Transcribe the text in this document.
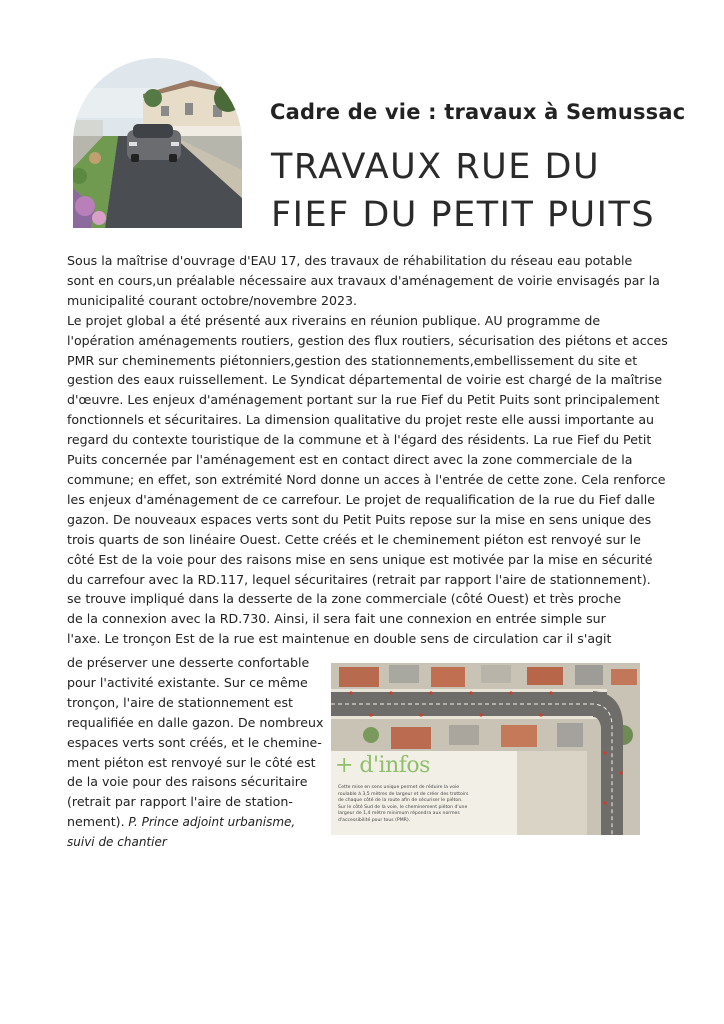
Cadre de vie : travaux à Semussac
TRAVAUX RUE DU
FIEF DU PETIT PUITS
Sous la maîtrise d'ouvrage d'EAU 17, des travaux de réhabilitation du réseau eau potable
sont en cours,un préalable nécessaire aux travaux d'aménagement de voirie envisagés par la
municipalité courant octobre/novembre 2023.
Le projet global a été présenté aux riverains en réunion publique. AU programme de
l'opération aménagements routiers, gestion des flux routiers, sécurisation des piétons et acces
PMR sur cheminements piétonniers,gestion des stationnements,embellissement du site et
gestion des eaux ruissellement. Le Syndicat départemental de voirie est chargé de la maîtrise
d'œuvre. Les enjeux d'aménagement portant sur la rue Fief du Petit Puits sont principalement
fonctionnels et sécuritaires. La dimension qualitative du projet reste elle aussi importante au
regard du contexte touristique de la commune et à l'égard des résidents. La rue Fief du Petit
Puits concernée par l'aménagement est en contact direct avec la zone commerciale de la
commune; en effet, son extrémité Nord donne un acces à l'entrée de cette zone. Cela renforce
les enjeux d'aménagement de ce carrefour. Le projet de requalification de la rue du Fief dalle
gazon. De nouveaux espaces verts sont du Petit Puits repose sur la mise en sens unique des
trois quarts de son linéaire Ouest. Cette créés et le cheminement piéton est renvoyé sur le
côté Est de la voie pour des raisons mise en sens unique est motivée par la mise en sécurité
du carrefour avec la RD.117, lequel sécuritaires (retrait par rapport l'aire de stationnement).
se trouve impliqué dans la desserte de la zone commerciale (côté Ouest) et très proche
de la connexion avec la RD.730. Ainsi, il sera fait une connexion en entrée simple sur
l'axe. Le tronçon Est de la rue est maintenue en double sens de circulation car il s'agit
de préserver une desserte confortable
pour l'activité existante. Sur ce même
tronçon, l'aire de stationnement est
requalifiée en dalle gazon. De nombreux
espaces verts sont créés, et le chemine-
ment piéton est renvoyé sur le côté est
de la voie pour des raisons sécuritaire
(retrait par rapport l'aire de station-
nement). P. Prince adjoint urbanisme,
suivi de chantier
+ d'infos
Cette mise en sens unique permet de réduire la voie
roulable à 3,5 mètres de largeur et de créer des trottoirs
de chaque côté de la route afin de sécuriser le piéton.
Sur le côté Sud de la voie, le cheminement piéton d'une
largeur de 1,4 mètre minimum répondra aux normes
d'accessibilité pour tous (PMR).
